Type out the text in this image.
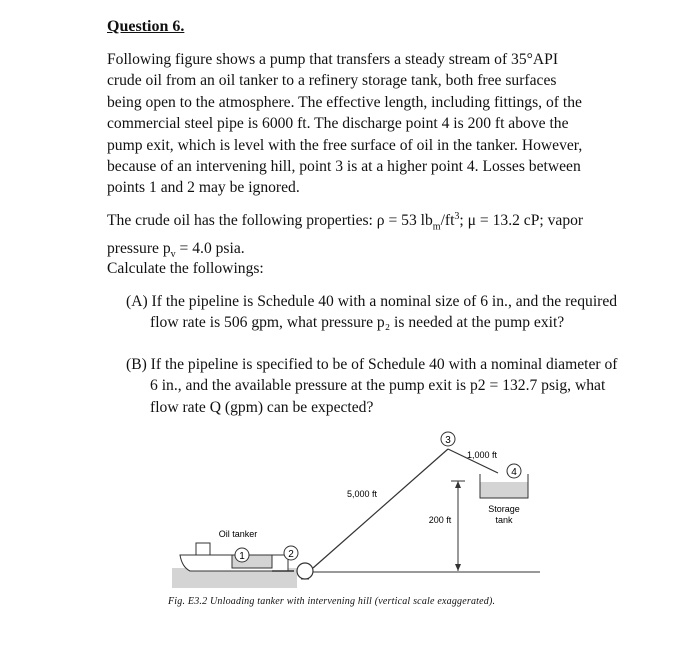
Question 6.

Following figure shows a pump that transfers a steady stream of 35°API crude oil from an oil tanker to a refinery storage tank, both free surfaces being open to the atmosphere. The effective length, including fittings, of the commercial steel pipe is 6000 ft. The discharge point 4 is 200 ft above the pump exit, which is level with the free surface of oil in the tanker. However, because of an intervening hill, point 3 is at a higher point 4. Losses between points 1 and 2 may be ignored.

The crude oil has the following properties: ρ = 53 $lb_m/ft^3$; μ = 13.2 cP; vapor pressure $p_v = 4.0$ psia.

Calculate the followings:

(A) If the pipeline is Schedule 40 with a nominal size of 6 in., and the required flow rate is 506 gpm, what pressure p₂ is needed at the pump exit?

(B) If the pipeline is specified to be of Schedule 40 with a nominal diameter of 6 in., and the available pressure at the pump exit is p2 = 132.7 psig, what flow rate Q (gpm) can be expected?

1	2
3
4
1,000 ft
5,000 ft
200 ft
Storage
tank
Oil tanker

Fig. E3.2 Unloading tanker with intervening hill (vertical scale exaggerated).
